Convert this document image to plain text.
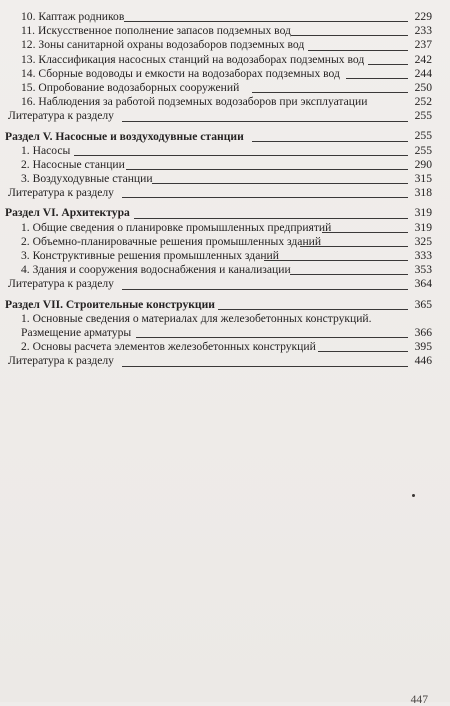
10. Каптаж родников	229
11. Искусственное пополнение запасов подземных вод	233
12. Зоны санитарной охраны водозаборов подземных вод	237
13. Классификация насосных станций на водозаборах подземных вод	242
14. Сборные водоводы и емкости на водозаборах подземных вод	244
15. Опробование водозаборных сооружений	250
16. Наблюдения за работой подземных водозаборов при эксплуатации	252
Литература к разделу	255
Раздел V. Насосные и воздуходувные станции	255
1. Насосы	255
2. Насосные станции	290
3. Воздуходувные станции	315
Литература к разделу	318
Раздел VI. Архитектура	319
1. Общие сведения о планировке промышленных предприятий	319
2. Объемно-планировачные решения промышленных зданий	325
3. Конструктивные решения промышленных зданий	333
4. Здания и сооружения водоснабжения и канализации	353
Литература к разделу	364
Раздел VII. Строительные конструкции	365
1. Основные сведения о материалах для железобетонных конструкций. Размещение арматуры	366
2. Основы расчета элементов железобетонных конструкций	395
Литература к разделу	446
447
